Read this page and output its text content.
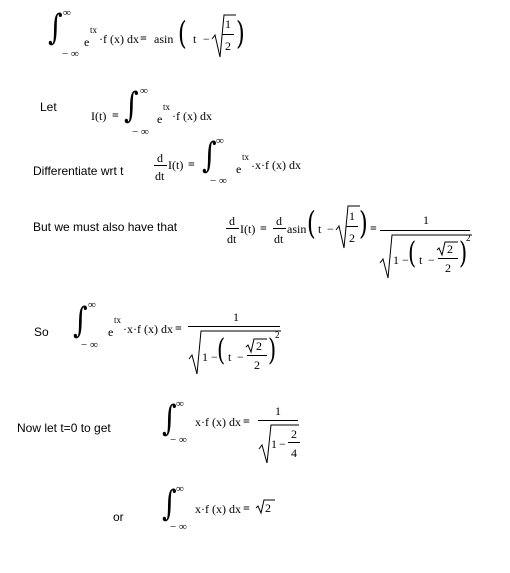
∫ ∞
− ∞
e
tx
· f (x) dx = asin ( t −
1
2 )
Let
I(t) = ∫ ∞
− ∞
e
tx
· f (x) dx
Differentiate wrt t
d
dt
I(t) = ∫ ∞
− ∞
e
tx
· x·f (x) dx
But we must also have that	d
dt
I(t) = d
dt
asin ( t −
1
2 ) =
1
1 − ( t −
2
2 )
2
So ∫ ∞
− ∞
e
tx
· x·f (x) dx =
1
1 − ( t −
2
2 )
2
Now let t=0 to get ∫ ∞
− ∞
x·f (x) dx =
1
1 −
2
4
or ∫ ∞
− ∞
x·f (x) dx = 2
